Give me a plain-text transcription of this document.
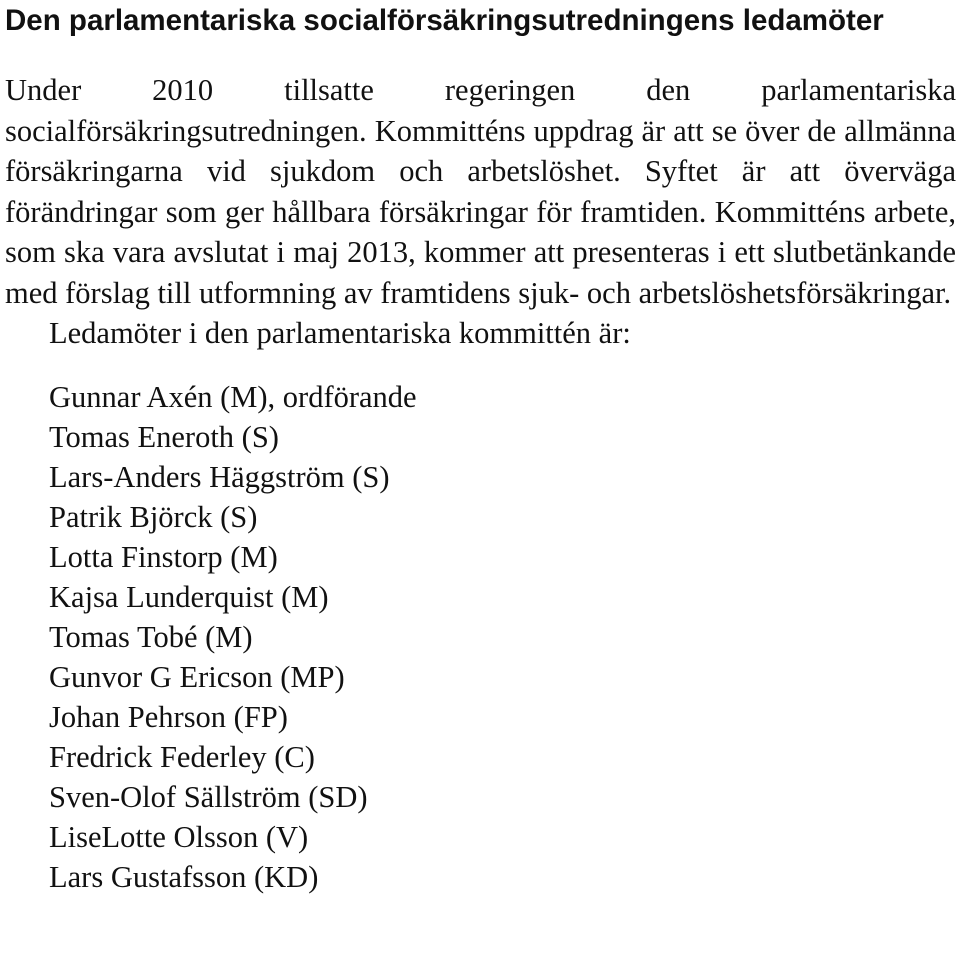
Den parlamentariska socialförsäkringsutredningens ledamöter

Under 2010 tillsatte regeringen den parlamentariska socialförsäkringsutredningen. Kommitténs uppdrag är att se över de allmänna försäkringarna vid sjukdom och arbetslöshet. Syftet är att överväga förändringar som ger hållbara försäkringar för framtiden. Kommitténs arbete, som ska vara avslutat i maj 2013, kommer att presenteras i ett slutbetänkande med förslag till utformning av framtidens sjuk- och arbetslöshetsförsäkringar.

Ledamöter i den parlamentariska kommittén är:

Gunnar Axén (M), ordförande
Tomas Eneroth (S)
Lars-Anders Häggström (S)
Patrik Björck (S)
Lotta Finstorp (M)
Kajsa Lunderquist (M)
Tomas Tobé (M)
Gunvor G Ericson (MP)
Johan Pehrson (FP)
Fredrick Federley (C)
Sven-Olof Sällström (SD)
LiseLotte Olsson (V)
Lars Gustafsson (KD)
